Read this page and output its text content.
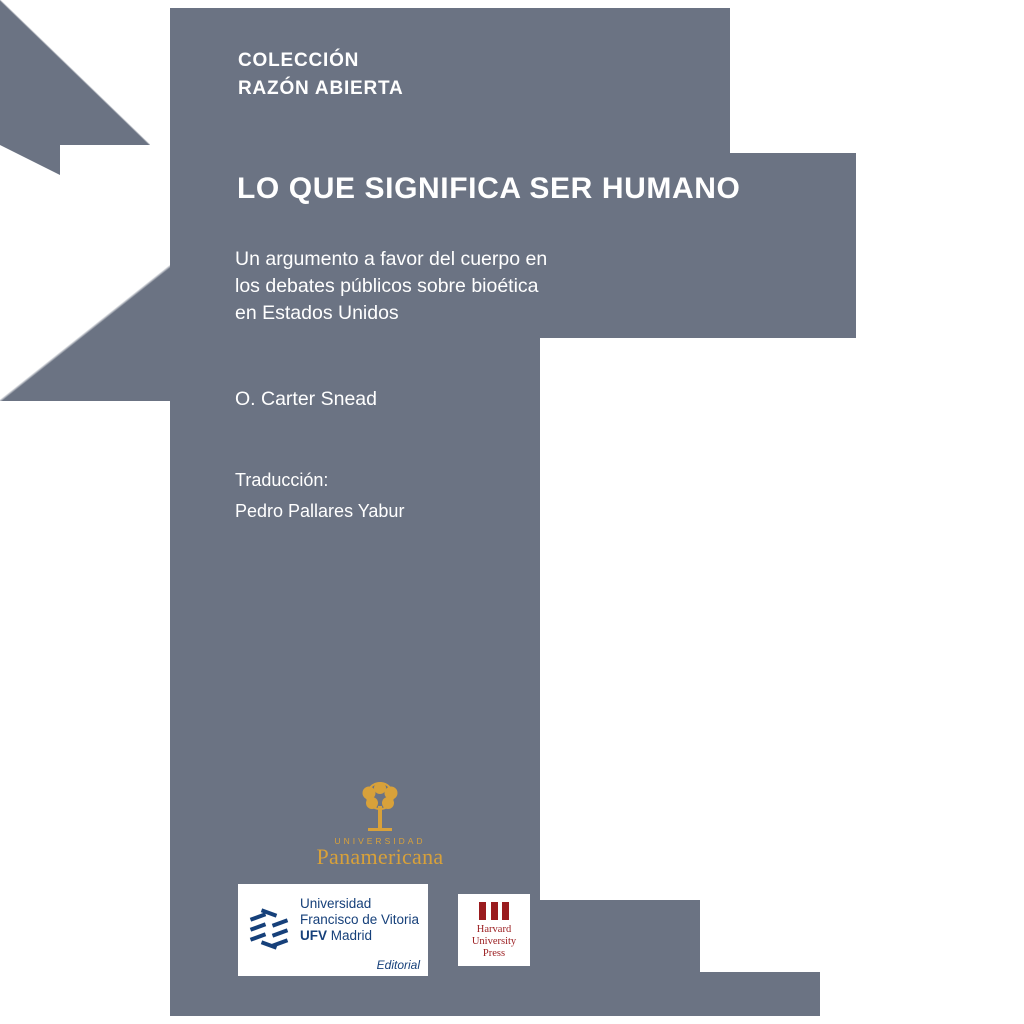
COLECCIÓN
RAZÓN ABIERTA
LO QUE SIGNIFICA SER HUMANO
Un argumento a favor del cuerpo en
los debates públicos sobre bioética
en Estados Unidos
O. Carter Snead
Traducción:
Pedro Pallares Yabur
UNIVERSIDAD
Panamericana
Universidad
Francisco de Vitoria
UFV Madrid
Editorial
Harvard
University
Press
